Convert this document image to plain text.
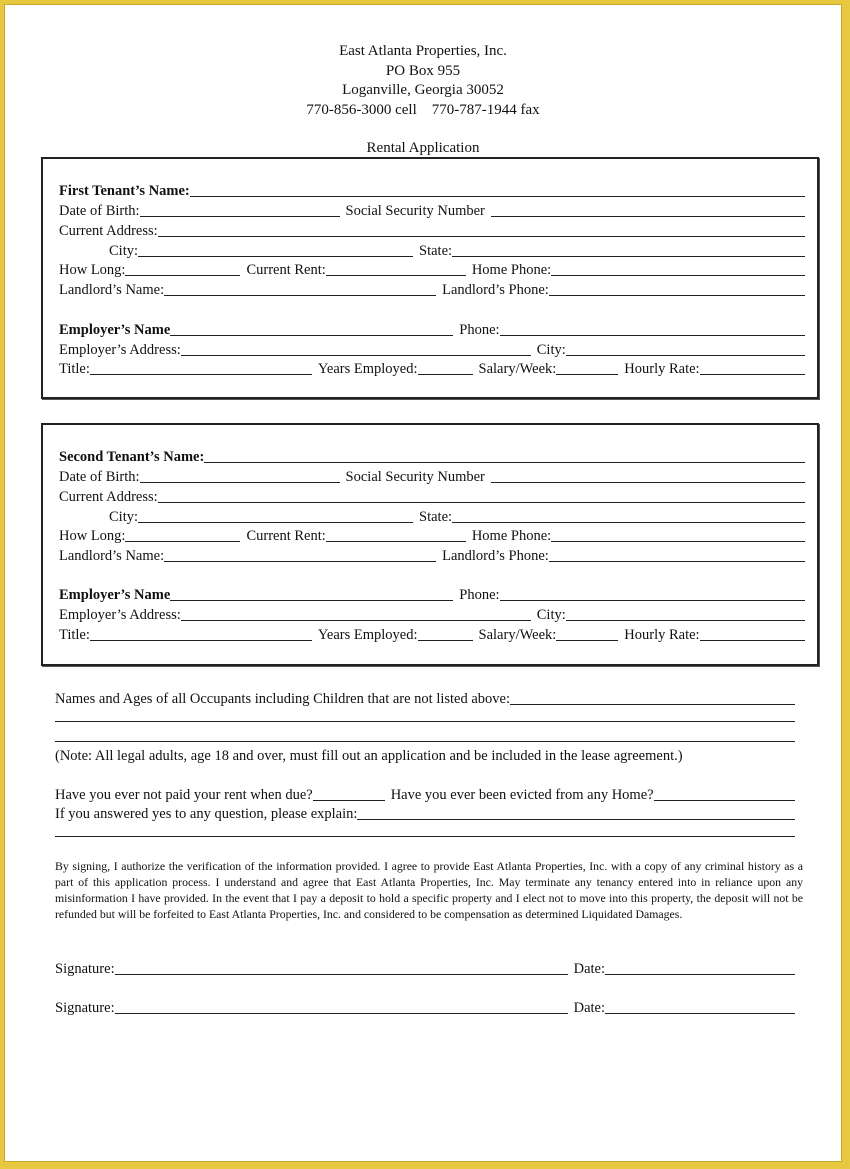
East Atlanta Properties, Inc.
PO Box 955
Loganville, Georgia 30052
770-856-3000 cell    770-787-1944 fax
Rental Application
First Tenant’s Name:
Date of Birth:	Social Security Number
Current Address:
City:	State:
How Long:	Current Rent:	Home Phone:
Landlord’s Name:	Landlord’s Phone:
Employer’s Name	Phone:
Employer’s Address:	City:
Title:	Years Employed:	Salary/Week:	Hourly Rate:
Second Tenant’s Name:
Date of Birth:	Social Security Number
Current Address:
City:	State:
How Long:	Current Rent:	Home Phone:
Landlord’s Name:	Landlord’s Phone:
Employer’s Name	Phone:
Employer’s Address:	City:
Title:	Years Employed:	Salary/Week:	Hourly Rate:
Names and Ages of all Occupants including Children that are not listed above:
(Note: All legal adults, age 18 and over, must fill out an application and be included in the lease agreement.)
Have you ever not paid your rent when due?	Have you ever been evicted from any Home?
If you answered yes to any question, please explain:
By signing, I authorize the verification of the information provided. I agree to provide East Atlanta Properties, Inc. with a copy of any criminal history as a part of this application process. I understand and agree that East Atlanta Properties, Inc. May terminate any tenancy entered into in reliance upon any misinformation I have provided. In the event that I pay a deposit to hold a specific property and I elect not to move into this property, the deposit will not be refunded but will be forfeited to East Atlanta Properties, Inc. and considered to be compensation as determined Liquidated Damages.
Signature:	Date:
Signature:	Date:
